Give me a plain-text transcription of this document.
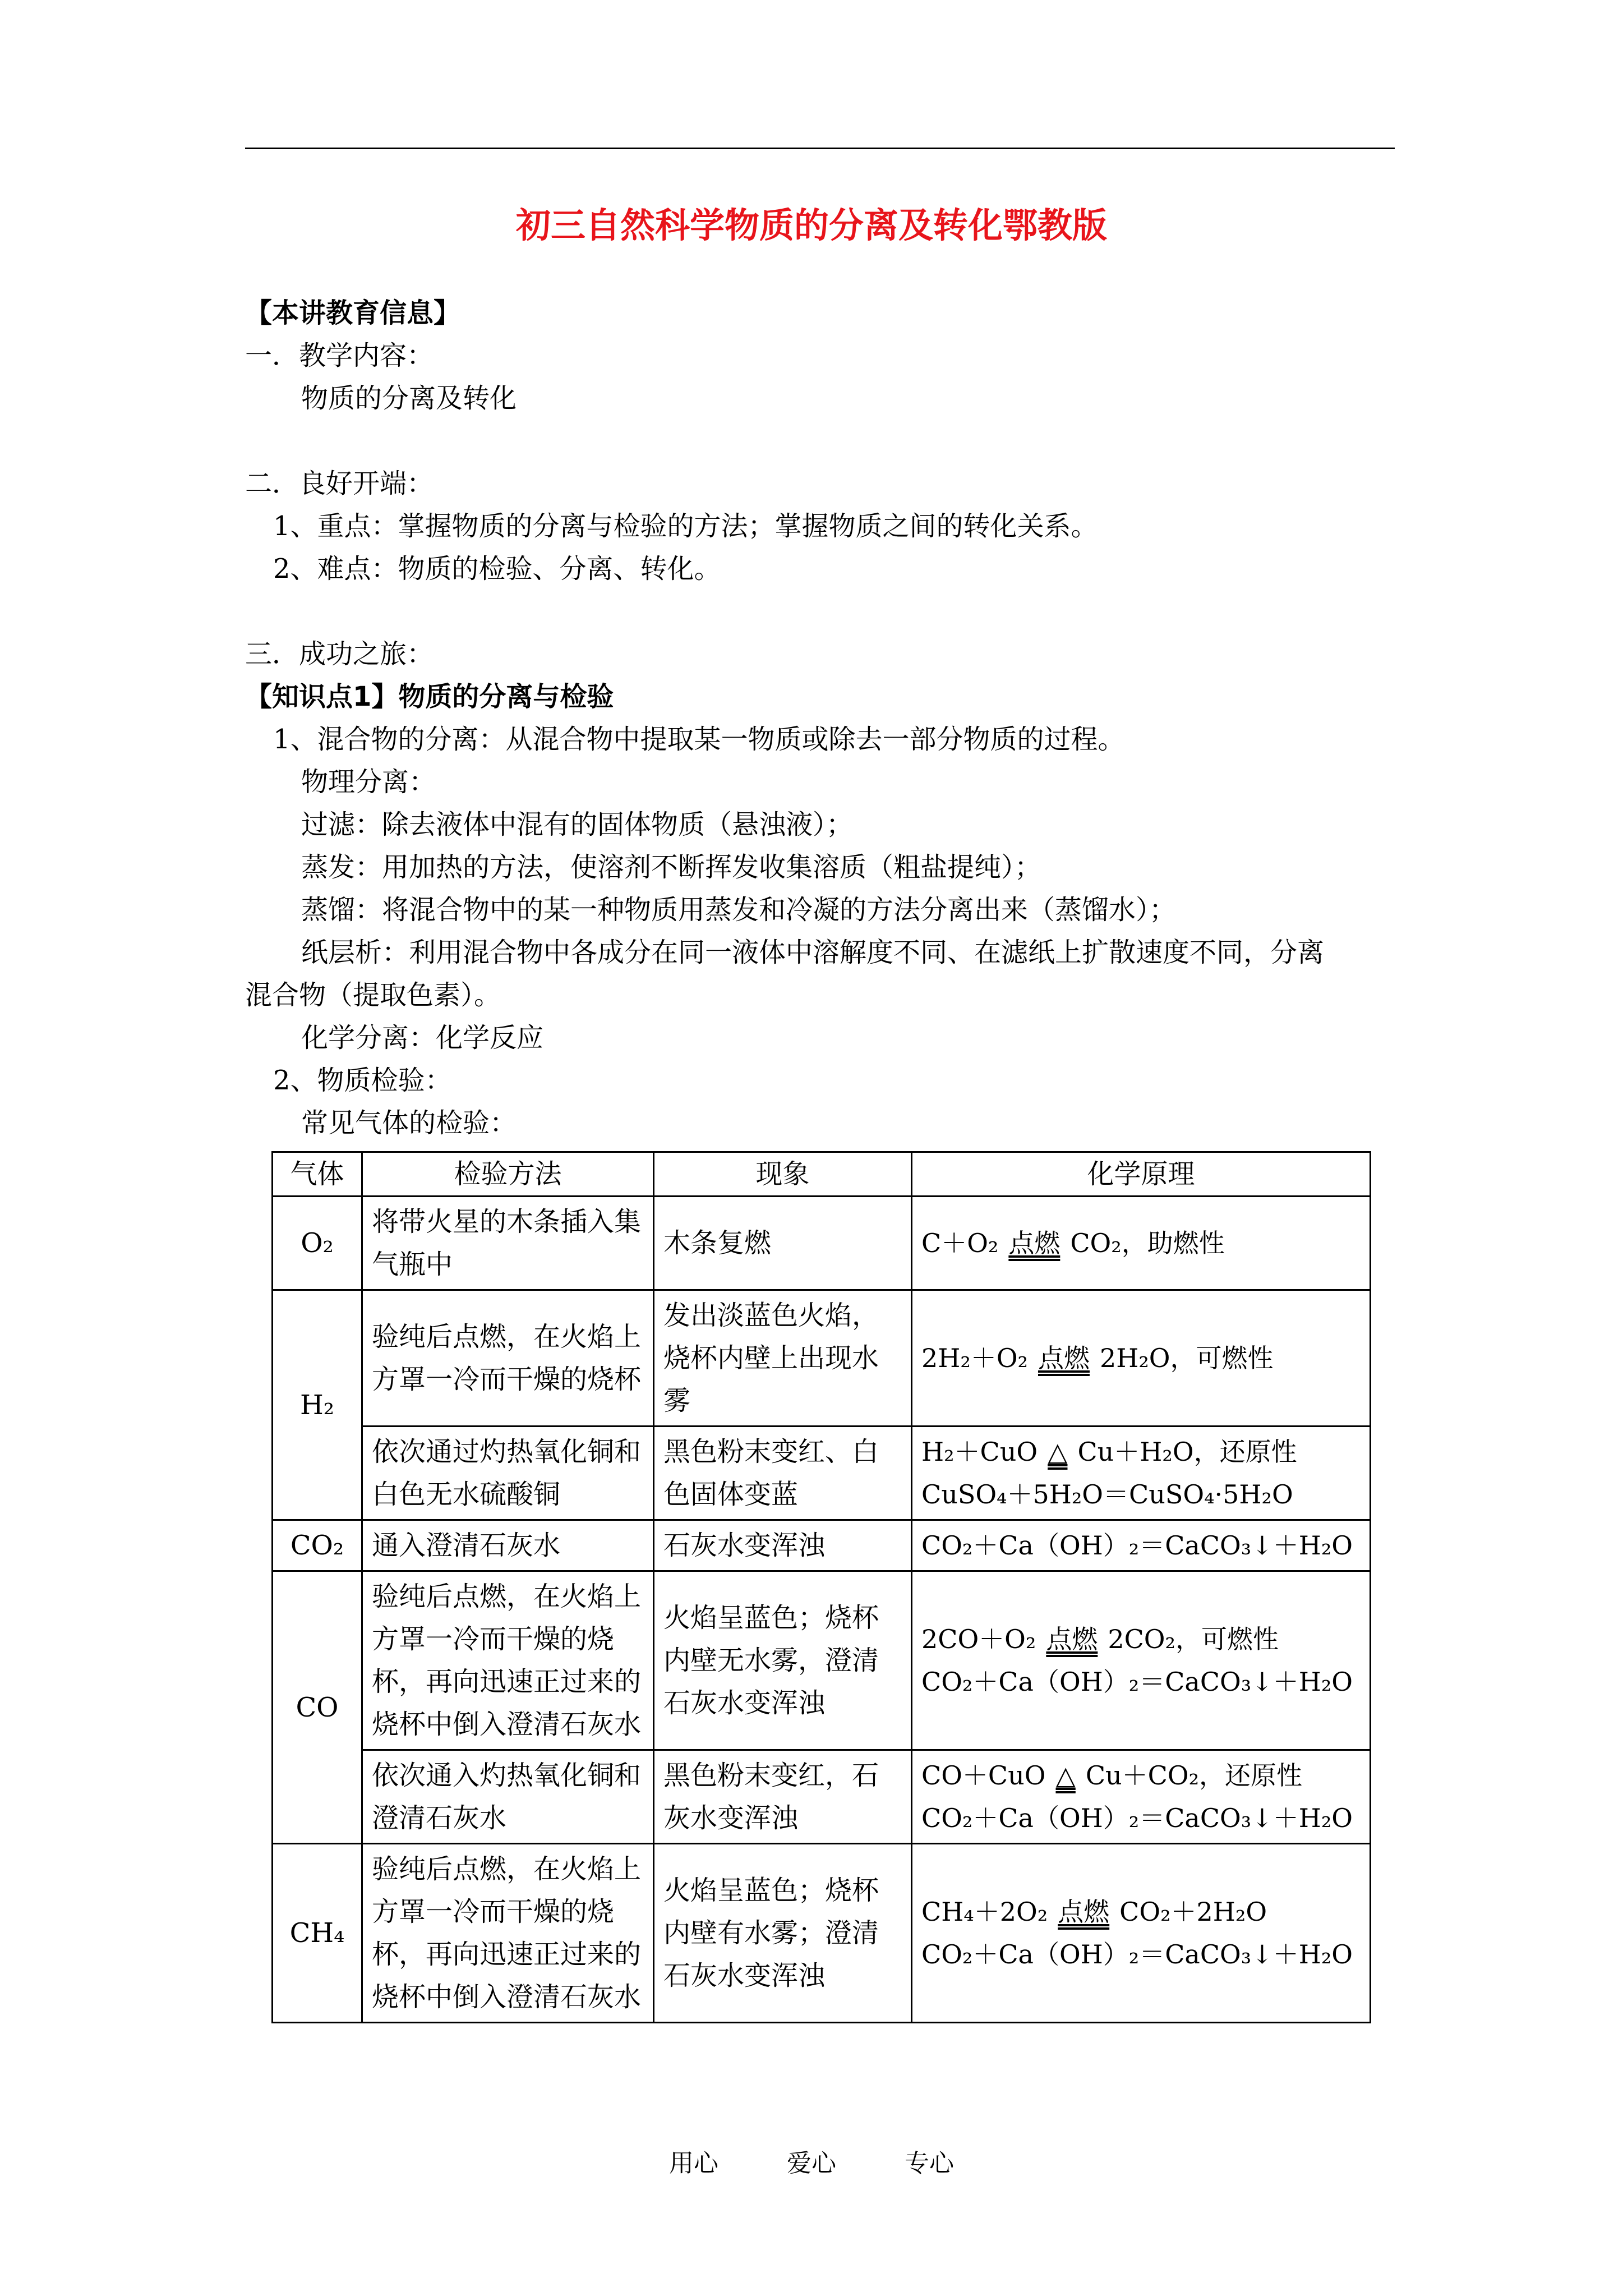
初三自然科学物质的分离及转化鄂教版
【本讲教育信息】
一．教学内容：
物质的分离及转化
二．良好开端：
1、重点：掌握物质的分离与检验的方法；掌握物质之间的转化关系。
2、难点：物质的检验、分离、转化。
三．成功之旅：
【知识点1】物质的分离与检验
1、混合物的分离：从混合物中提取某一物质或除去一部分物质的过程。
物理分离：
过滤：除去液体中混有的固体物质（悬浊液）；
蒸发：用加热的方法，使溶剂不断挥发收集溶质（粗盐提纯）；
蒸馏：将混合物中的某一种物质用蒸发和冷凝的方法分离出来（蒸馏水）；
纸层析：利用混合物中各成分在同一液体中溶解度不同、在滤纸上扩散速度不同，分离
混合物（提取色素）。
化学分离：化学反应
2、物质检验：
常见气体的检验：
气体	检验方法	现象	化学原理
O₂	将带火星的木条插入集气瓶中	木条复燃	C＋O₂ 点燃 CO₂，助燃性
H₂	验纯后点燃，在火焰上方罩一冷而干燥的烧杯	发出淡蓝色火焰，烧杯内壁上出现水雾	2H₂＋O₂ 点燃 2H₂O，可燃性
	依次通过灼热氧化铜和白色无水硫酸铜	黑色粉末变红、白色固体变蓝	H₂＋CuO △ Cu＋H₂O，还原性
CuSO₄＋5H₂O＝CuSO₄·5H₂O

CO₂	通入澄清石灰水	石灰水变浑浊	CO₂＋Ca（OH）₂＝CaCO₃↓＋H₂O
CO	验纯后点燃，在火焰上方罩一冷而干燥的烧杯，再向迅速正过来的烧杯中倒入澄清石灰水	火焰呈蓝色；烧杯内壁无水雾，澄清石灰水变浑浊	2CO＋O₂ 点燃 2CO₂，可燃性
CO₂＋Ca（OH）₂＝CaCO₃↓＋H₂O

	依次通入灼热氧化铜和澄清石灰水	黑色粉末变红，石灰水变浑浊	CO＋CuO △ Cu＋CO₂，还原性
CO₂＋Ca（OH）₂＝CaCO₃↓＋H₂O

CH₄	验纯后点燃，在火焰上方罩一冷而干燥的烧杯，再向迅速正过来的烧杯中倒入澄清石灰水	火焰呈蓝色；烧杯内壁有水雾；澄清石灰水变浑浊	CH₄＋2O₂ 点燃 CO₂＋2H₂O
CO₂＋Ca（OH）₂＝CaCO₃↓＋H₂O
用心	爱心	专心
